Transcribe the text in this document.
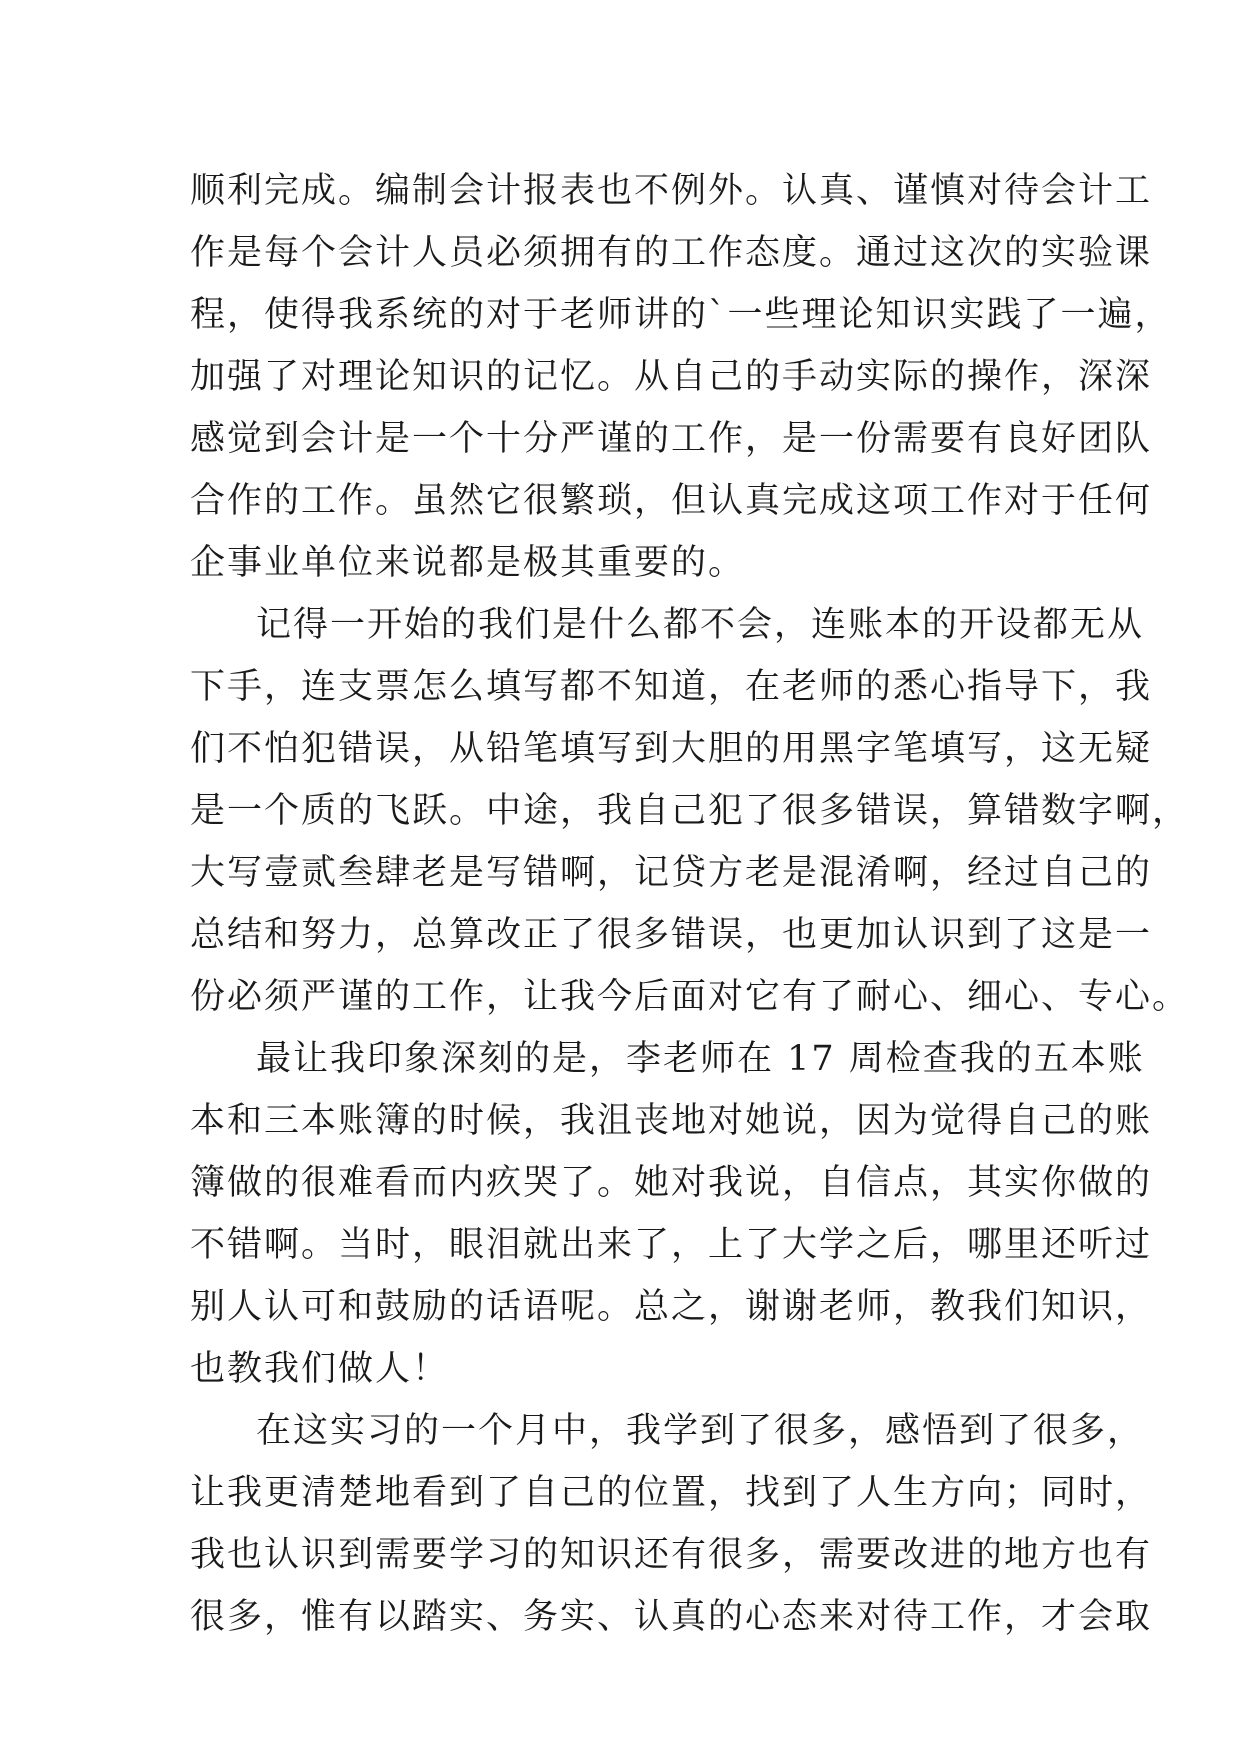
顺利完成。编制会计报表也不例外。认真、谨慎对待会计工
作是每个会计人员必须拥有的工作态度。通过这次的实验课
程，使得我系统的对于老师讲的`一些理论知识实践了一遍，
加强了对理论知识的记忆。从自己的手动实际的操作，深深
感觉到会计是一个十分严谨的工作，是一份需要有良好团队
合作的工作。虽然它很繁琐，但认真完成这项工作对于任何
企事业单位来说都是极其重要的。
记得一开始的我们是什么都不会，连账本的开设都无从
下手，连支票怎么填写都不知道，在老师的悉心指导下，我
们不怕犯错误，从铅笔填写到大胆的用黑字笔填写，这无疑
是一个质的飞跃。中途，我自己犯了很多错误，算错数字啊，
大写壹贰叁肆老是写错啊，记贷方老是混淆啊，经过自己的
总结和努力，总算改正了很多错误，也更加认识到了这是一
份必须严谨的工作，让我今后面对它有了耐心、细心、专心。
最让我印象深刻的是，李老师在 17 周检查我的五本账
本和三本账簿的时候，我沮丧地对她说，因为觉得自己的账
簿做的很难看而内疚哭了。她对我说，自信点，其实你做的
不错啊。当时，眼泪就出来了，上了大学之后，哪里还听过
别人认可和鼓励的话语呢。总之，谢谢老师，教我们知识，
也教我们做人！
在这实习的一个月中，我学到了很多，感悟到了很多，
让我更清楚地看到了自己的位置，找到了人生方向；同时，
我也认识到需要学习的知识还有很多，需要改进的地方也有
很多，惟有以踏实、务实、认真的心态来对待工作，才会取
